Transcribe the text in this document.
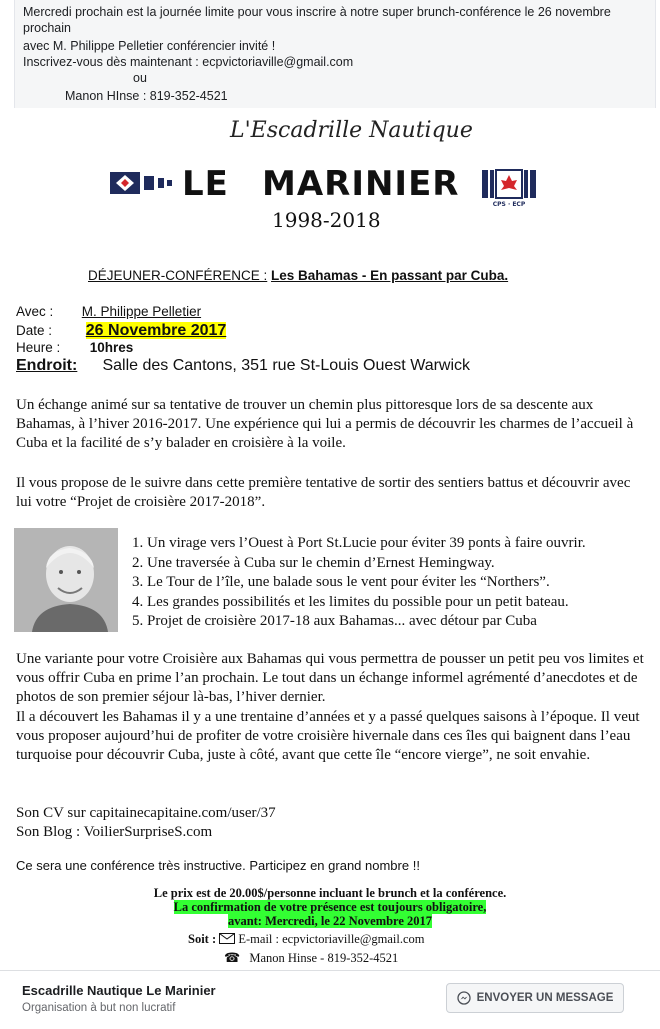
Mercredi prochain est la journée limite pour vous inscrire à notre super brunch-conférence le 26 novembre
prochain
avec M. Philippe Pelletier conférencier invité !
Inscrivez-vous dès maintenant : ecpvictoriaville@gmail.com
ou
Manon HInse : 819-352-4521
L'Escadrille Nautique
LE MARINIER
CPS · ECP
1998-2018
DÉJEUNER-CONFÉRENCE : Les Bahamas - En passant par Cuba.
Avec : M. Philippe Pelletier
Date : 26 Novembre 2017
Heure : 10hres
Endroit: Salle des Cantons, 351 rue St-Louis Ouest Warwick
Un échange animé sur sa tentative de trouver un chemin plus pittoresque lors de sa descente aux Bahamas, à l’hiver 2016-2017. Une expérience qui lui a permis de découvrir les charmes de l’accueil à Cuba et la facilité de s’y balader en croisière à la voile.
Il vous propose de le suivre dans cette première tentative de sortir des sentiers battus et découvrir avec lui votre “Projet de croisière 2017-2018”.
1. Un virage vers l’Ouest à Port St.Lucie pour éviter 39 ponts à faire ouvrir.
2. Une traversée à Cuba sur le chemin d’Ernest Hemingway.
3. Le Tour de l’île, une balade sous le vent pour éviter les “Northers”.
4. Les grandes possibilités et les limites du possible pour un petit bateau.
5. Projet de croisière 2017-18 aux Bahamas... avec détour par Cuba
Une variante pour votre Croisière aux Bahamas qui vous permettra de pousser un petit peu vos limites et vous offrir Cuba en prime l’an prochain. Le tout dans un échange informel agrémenté d’anecdotes et de photos de son premier séjour là-bas, l’hiver dernier.
Il a découvert les Bahamas il y a une trentaine d’années et y a passé quelques saisons à l’époque. Il veut vous proposer aujourd’hui de profiter de votre croisière hivernale dans ces îles qui baignent dans l’eau turquoise pour découvrir Cuba, juste à côté, avant que cette île “encore vierge”, ne soit envahie.
Son CV sur capitainecapitaine.com/user/37
Son Blog : VoilierSurpriseS.com
Ce sera une conférence très instructive. Participez en grand nombre !!
Le prix est de 20.00$/personne incluant le brunch et la conférence.
La confirmation de votre présence est toujours obligatoire,
avant: Mercredi, le 22 Novembre 2017
Soit :  E-mail : ecpvictoriaville@gmail.com
☎ Manon Hinse - 819-352-4521
Escadrille Nautique Le Marinier
Organisation à but non lucratif
ENVOYER UN MESSAGE
